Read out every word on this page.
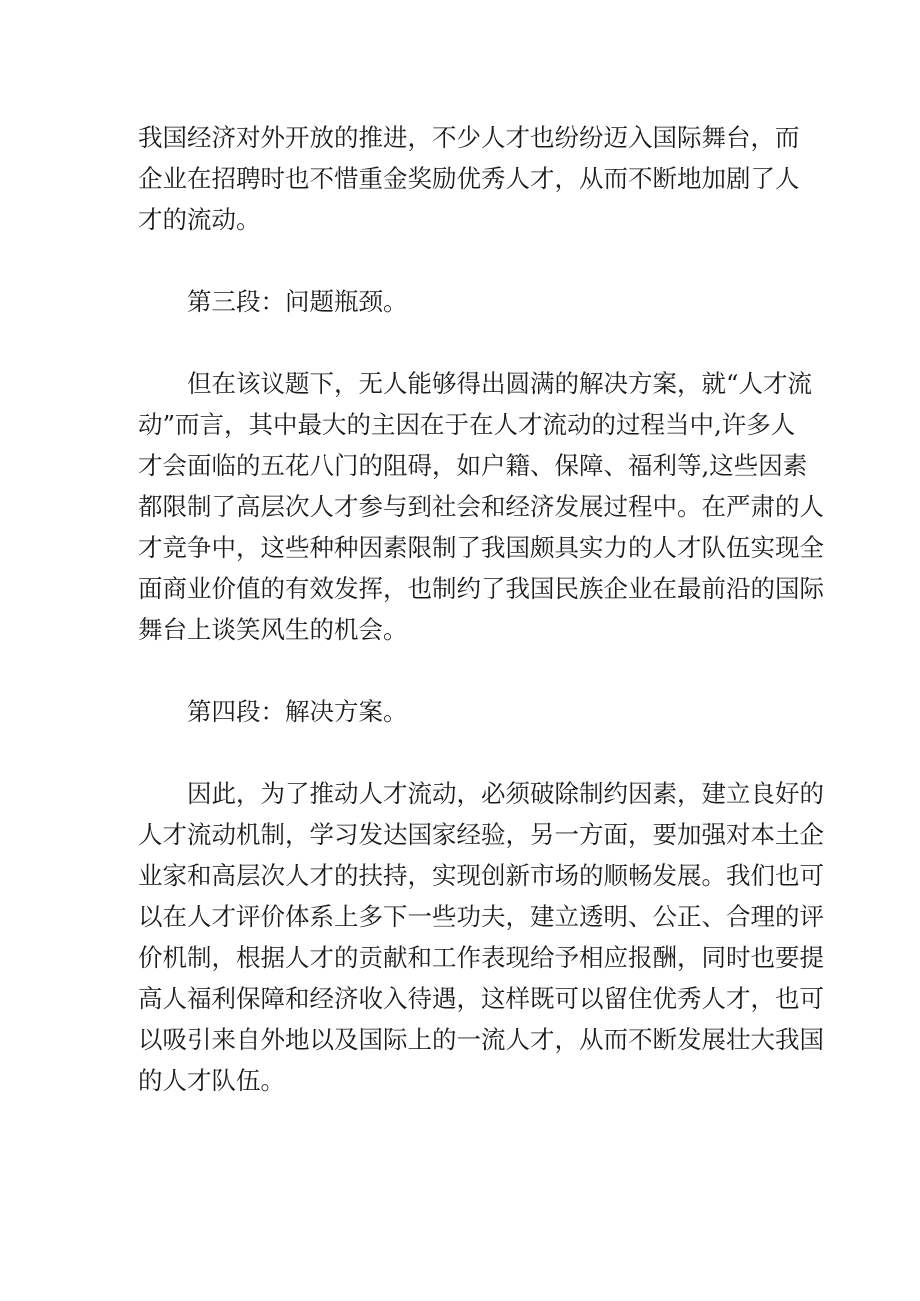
我国经济对外开放的推进，不少人才也纷纷迈入国际舞台，而
企业在招聘时也不惜重金奖励优秀人才，从而不断地加剧了人
才的流动。
第三段：问题瓶颈。
但在该议题下，无人能够得出圆满的解决方案，就“人才流
动”而言，其中最大的主因在于在人才流动的过程当中,许多人
才会面临的五花八门的阻碍，如户籍、保障、福利等,这些因素
都限制了高层次人才参与到社会和经济发展过程中。在严肃的人
才竞争中，这些种种因素限制了我国颇具实力的人才队伍实现全
面商业价值的有效发挥，也制约了我国民族企业在最前沿的国际
舞台上谈笑风生的机会。
第四段：解决方案。
因此，为了推动人才流动，必须破除制约因素，建立良好的
人才流动机制，学习发达国家经验，另一方面，要加强对本土企
业家和高层次人才的扶持，实现创新市场的顺畅发展。我们也可
以在人才评价体系上多下一些功夫，建立透明、公正、合理的评
价机制，根据人才的贡献和工作表现给予相应报酬，同时也要提
高人福利保障和经济收入待遇，这样既可以留住优秀人才，也可
以吸引来自外地以及国际上的一流人才，从而不断发展壮大我国
的人才队伍。
